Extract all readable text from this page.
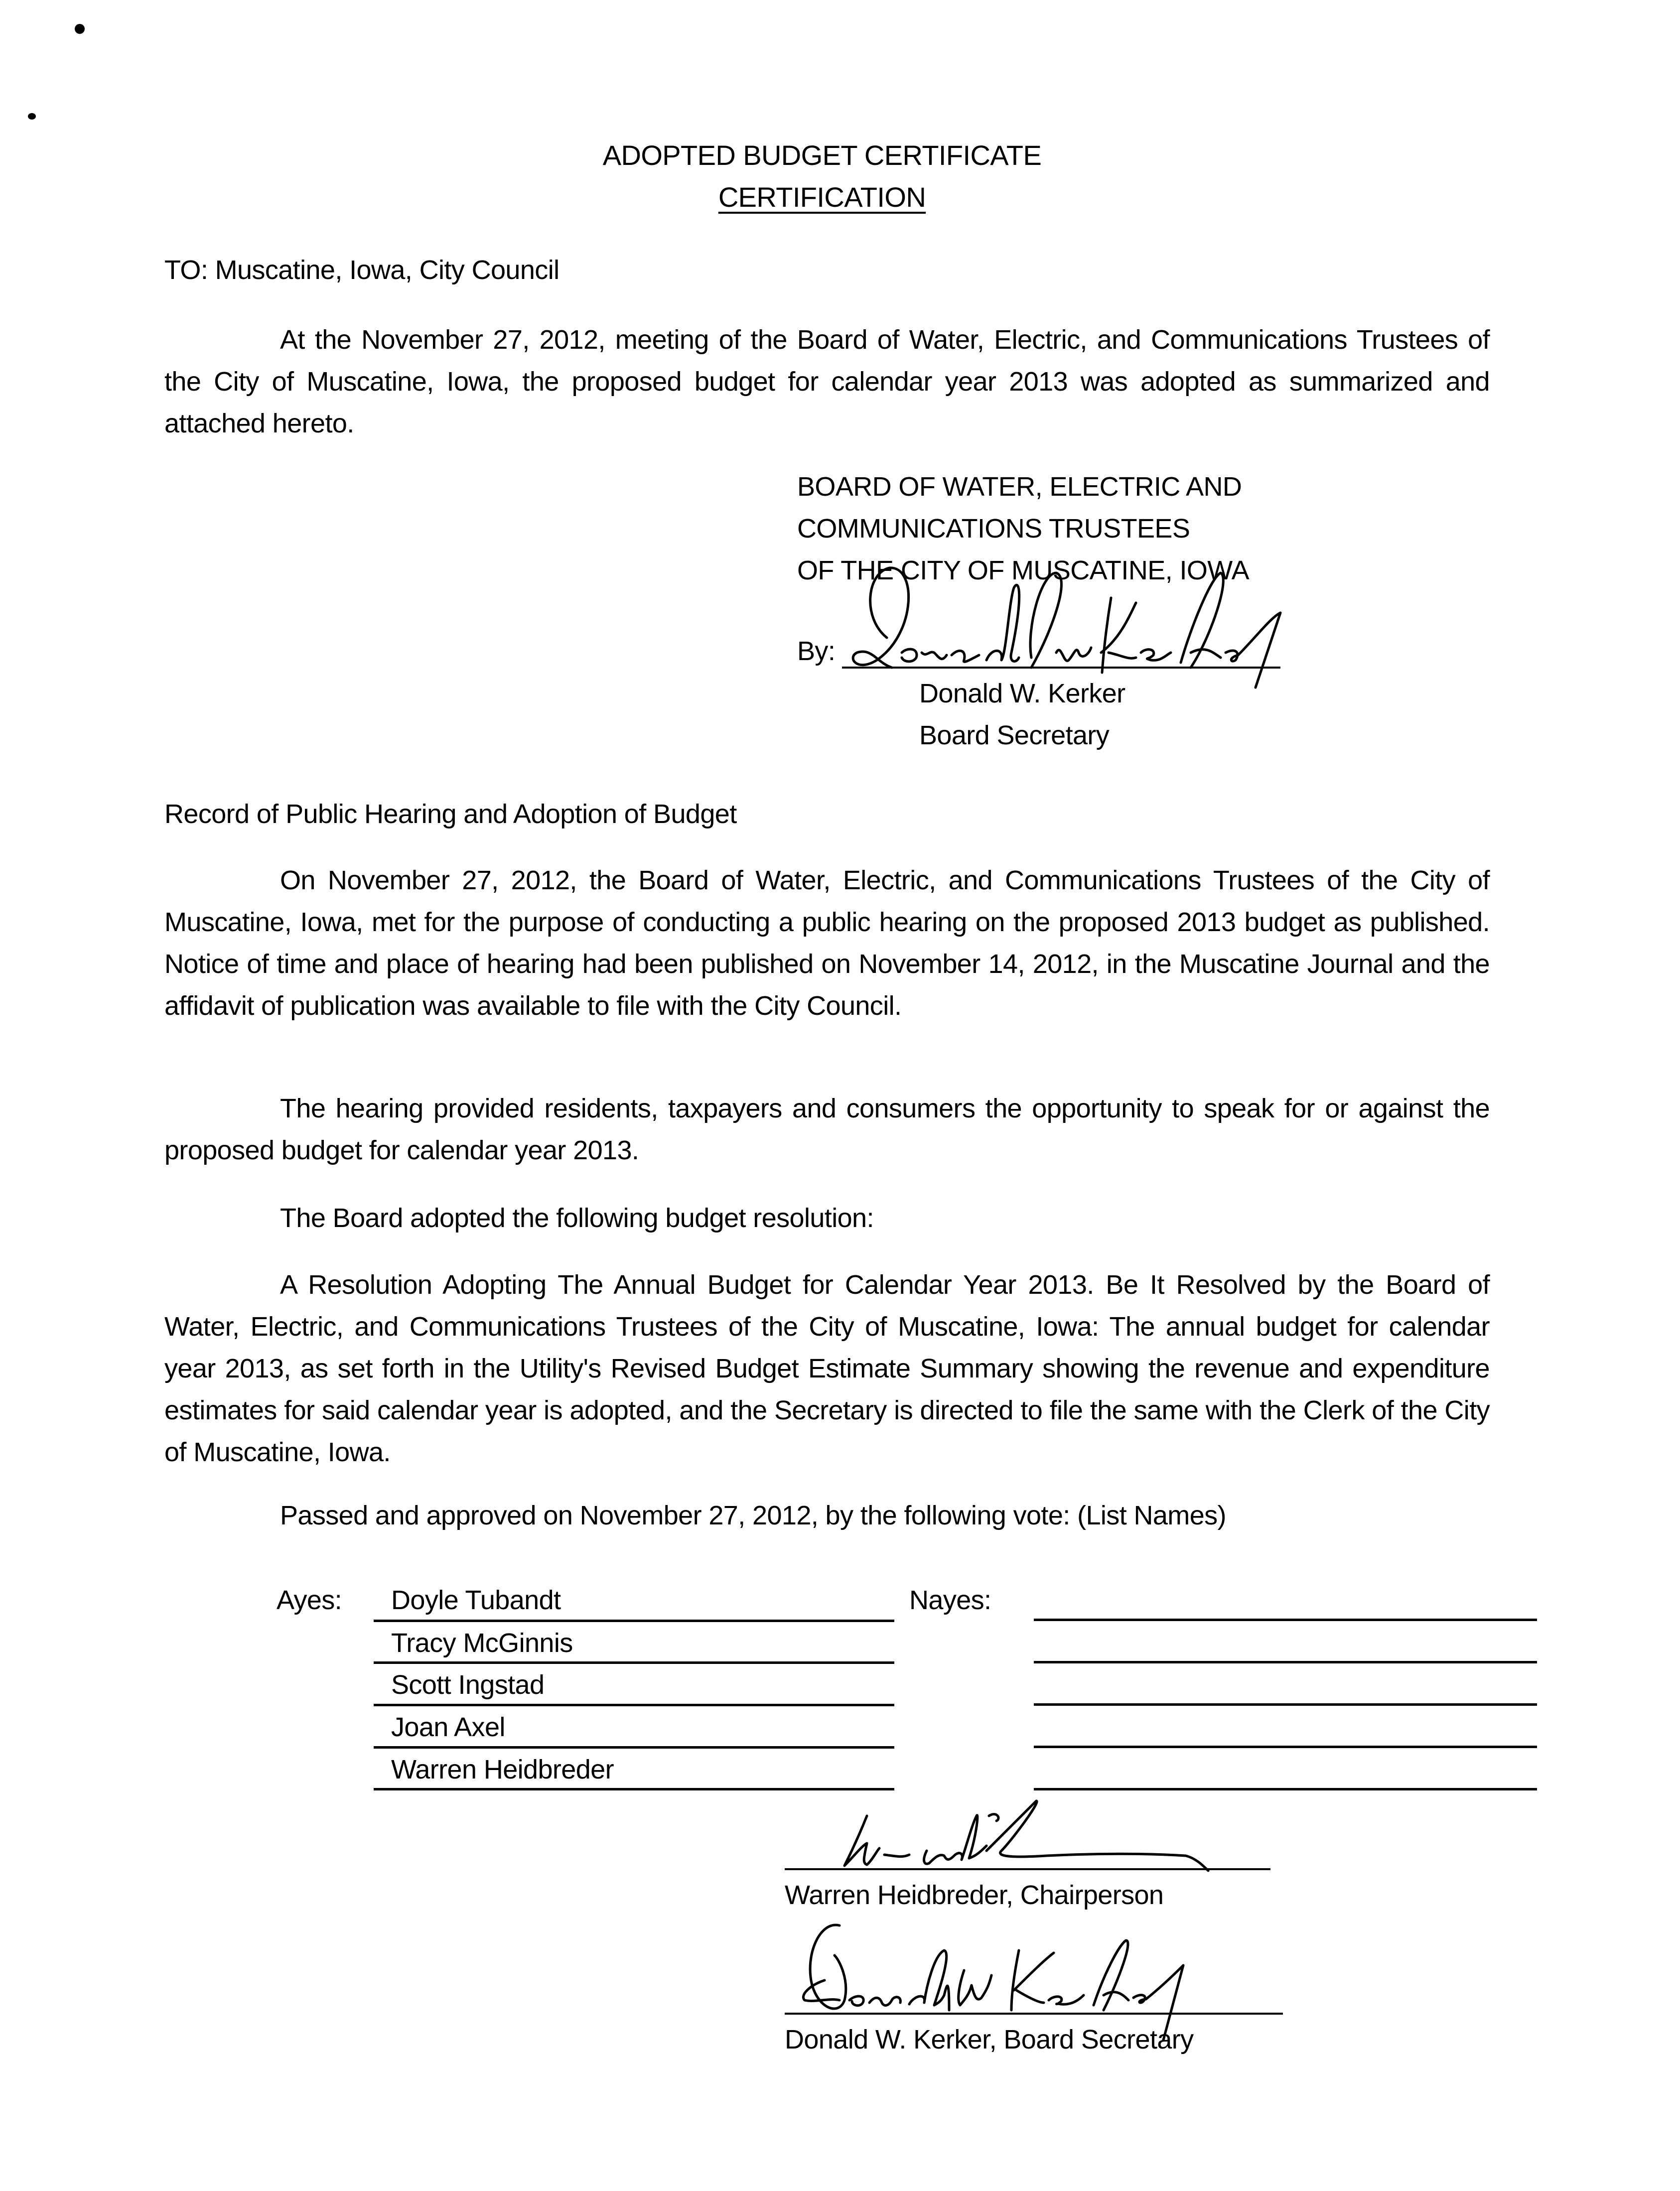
ADOPTED BUDGET CERTIFICATE
CERTIFICATION
TO: Muscatine, Iowa, City Council
At the November 27, 2012, meeting of the Board of Water, Electric, and Communications Trustees of the City of Muscatine, Iowa, the proposed budget for calendar year 2013 was adopted as summarized and attached hereto.
BOARD OF WATER, ELECTRIC AND
COMMUNICATIONS TRUSTEES
OF THE CITY OF MUSCATINE, IOWA
By:
Donald W. Kerker
Board Secretary
Record of Public Hearing and Adoption of Budget
On November 27, 2012, the Board of Water, Electric, and Communications Trustees of the City of Muscatine, Iowa, met for the purpose of conducting a public hearing on the proposed 2013 budget as published. Notice of time and place of hearing had been published on November 14, 2012, in the Muscatine Journal and the affidavit of publication was available to file with the City Council.
The hearing provided residents, taxpayers and consumers the opportunity to speak for or against the proposed budget for calendar year 2013.
The Board adopted the following budget resolution:
A Resolution Adopting The Annual Budget for Calendar Year 2013. Be It Resolved by the Board of Water, Electric, and Communications Trustees of the City of Muscatine, Iowa: The annual budget for calendar year 2013, as set forth in the Utility's Revised Budget Estimate Summary showing the revenue and expenditure estimates for said calendar year is adopted, and the Secretary is directed to file the same with the Clerk of the City of Muscatine, Iowa.
Passed and approved on November 27, 2012, by the following vote: (List Names)
Ayes:	Nayes:
Doyle Tubandt
Tracy McGinnis
Scott Ingstad
Joan Axel
Warren Heidbreder
Warren Heidbreder, Chairperson
Donald W. Kerker, Board Secretary
